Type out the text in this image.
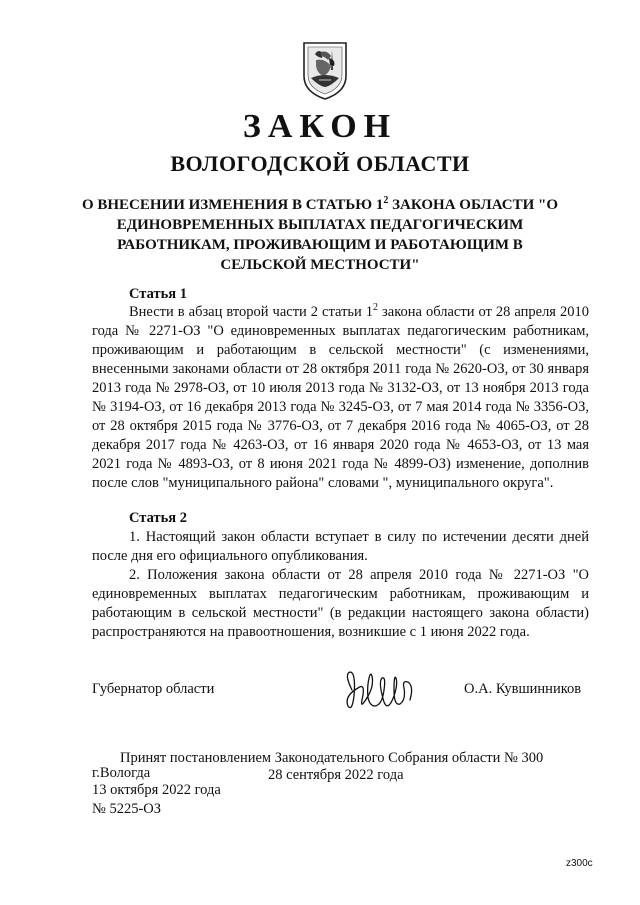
ЗАКОН
ВОЛОГОДСКОЙ ОБЛАСТИ
О ВНЕСЕНИИ ИЗМЕНЕНИЯ В СТАТЬЮ $1^2$ ЗАКОНА ОБЛАСТИ "О ЕДИНОВРЕМЕННЫХ ВЫПЛАТАХ ПЕДАГОГИЧЕСКИМ РАБОТНИКАМ, ПРОЖИВАЮЩИМ И РАБОТАЮЩИМ В СЕЛЬСКОЙ МЕСТНОСТИ"
Статья 1

Внести в абзац второй части 2 статьи $1^2$ закона области от 28 апреля 2010 года № 2271-ОЗ "О единовременных выплатах педагогическим работникам, проживающим и работающим в сельской местности" (с изменениями, внесенными законами области от 28 октября 2011 года № 2620-ОЗ, от 30 января 2013 года № 2978-ОЗ, от 10 июля 2013 года № 3132-ОЗ, от 13 ноября 2013 года № 3194-ОЗ, от 16 декабря 2013 года № 3245-ОЗ, от 7 мая 2014 года № 3356-ОЗ, от 28 октября 2015 года № 3776-ОЗ, от 7 декабря 2016 года № 4065-ОЗ, от 28 декабря 2017 года № 4263-ОЗ, от 16 января 2020 года № 4653-ОЗ, от 13 мая 2021 года № 4893-ОЗ, от 8 июня 2021 года № 4899-ОЗ) изменение, дополнив после слов "муниципального района" словами ", муниципального округа".

Статья 2

1. Настоящий закон области вступает в силу по истечении десяти дней после дня его официального опубликования.

2. Положения закона области от 28 апреля 2010 года № 2271-ОЗ "О единовременных выплатах педагогическим работникам, проживающим и работающим в сельской местности" (в редакции настоящего закона области) распространяются на правоотношения, возникшие с 1 июня 2022 года.

Губернатор области	О.А. Кувшинников
Принят постановлением Законодательного Собрания области № 300
28 сентября 2022 года
г.Вологда
13 октября 2022 года
№ 5225-ОЗ
z300c
